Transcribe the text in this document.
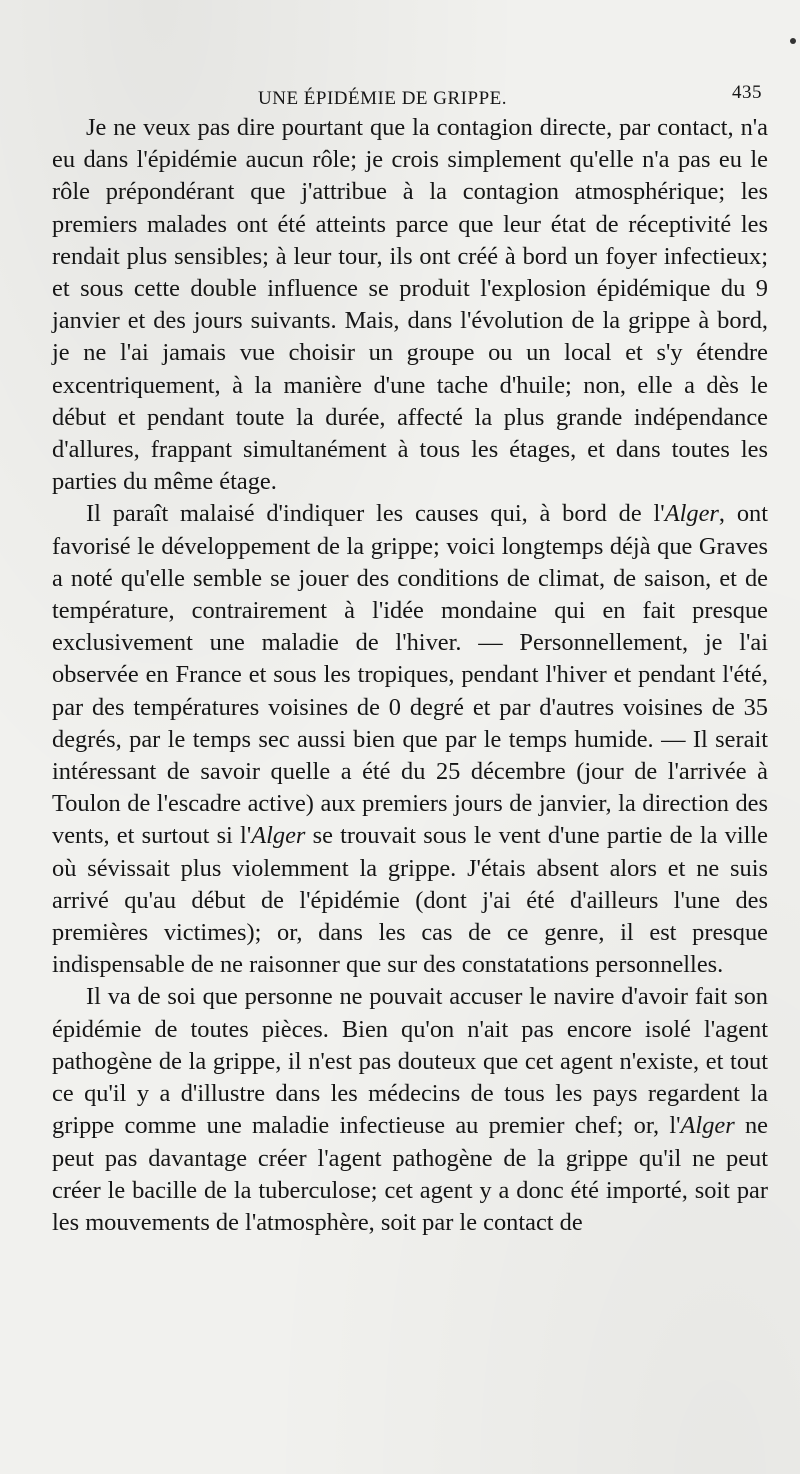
UNE ÉPIDÉMIE DE GRIPPE.	435

Je ne veux pas dire pourtant que la contagion directe, par contact, n'a eu dans l'épidémie aucun rôle; je crois simplement qu'elle n'a pas eu le rôle prépondérant que j'attribue à la contagion atmosphérique; les premiers malades ont été atteints parce que leur état de réceptivité les rendait plus sensibles; à leur tour, ils ont créé à bord un foyer infectieux; et sous cette double influence se produit l'explosion épidémique du 9 janvier et des jours suivants. Mais, dans l'évolution de la grippe à bord, je ne l'ai jamais vue choisir un groupe ou un local et s'y étendre excentriquement, à la manière d'une tache d'huile; non, elle a dès le début et pendant toute la durée, affecté la plus grande indépendance d'allures, frappant simultanément à tous les étages, et dans toutes les parties du même étage.

Il paraît malaisé d'indiquer les causes qui, à bord de l'Alger, ont favorisé le développement de la grippe; voici longtemps déjà que Graves a noté qu'elle semble se jouer des conditions de climat, de saison, et de température, contrairement à l'idée mondaine qui en fait presque exclusivement une maladie de l'hiver. — Personnellement, je l'ai observée en France et sous les tropiques, pendant l'hiver et pendant l'été, par des températures voisines de 0 degré et par d'autres voisines de 35 degrés, par le temps sec aussi bien que par le temps humide. — Il serait intéressant de savoir quelle a été du 25 décembre (jour de l'arrivée à Toulon de l'escadre active) aux premiers jours de janvier, la direction des vents, et surtout si l'Alger se trouvait sous le vent d'une partie de la ville où sévissait plus violemment la grippe. J'étais absent alors et ne suis arrivé qu'au début de l'épidémie (dont j'ai été d'ailleurs l'une des premières victimes); or, dans les cas de ce genre, il est presque indispensable de ne raisonner que sur des constatations personnelles.

Il va de soi que personne ne pouvait accuser le navire d'avoir fait son épidémie de toutes pièces. Bien qu'on n'ait pas encore isolé l'agent pathogène de la grippe, il n'est pas douteux que cet agent n'existe, et tout ce qu'il y a d'illustre dans les médecins de tous les pays regardent la grippe comme une maladie infectieuse au premier chef; or, l'Alger ne peut pas davantage créer l'agent pathogène de la grippe qu'il ne peut créer le bacille de la tuberculose; cet agent y a donc été importé, soit par les mouvements de l'atmosphère, soit par le contact de
